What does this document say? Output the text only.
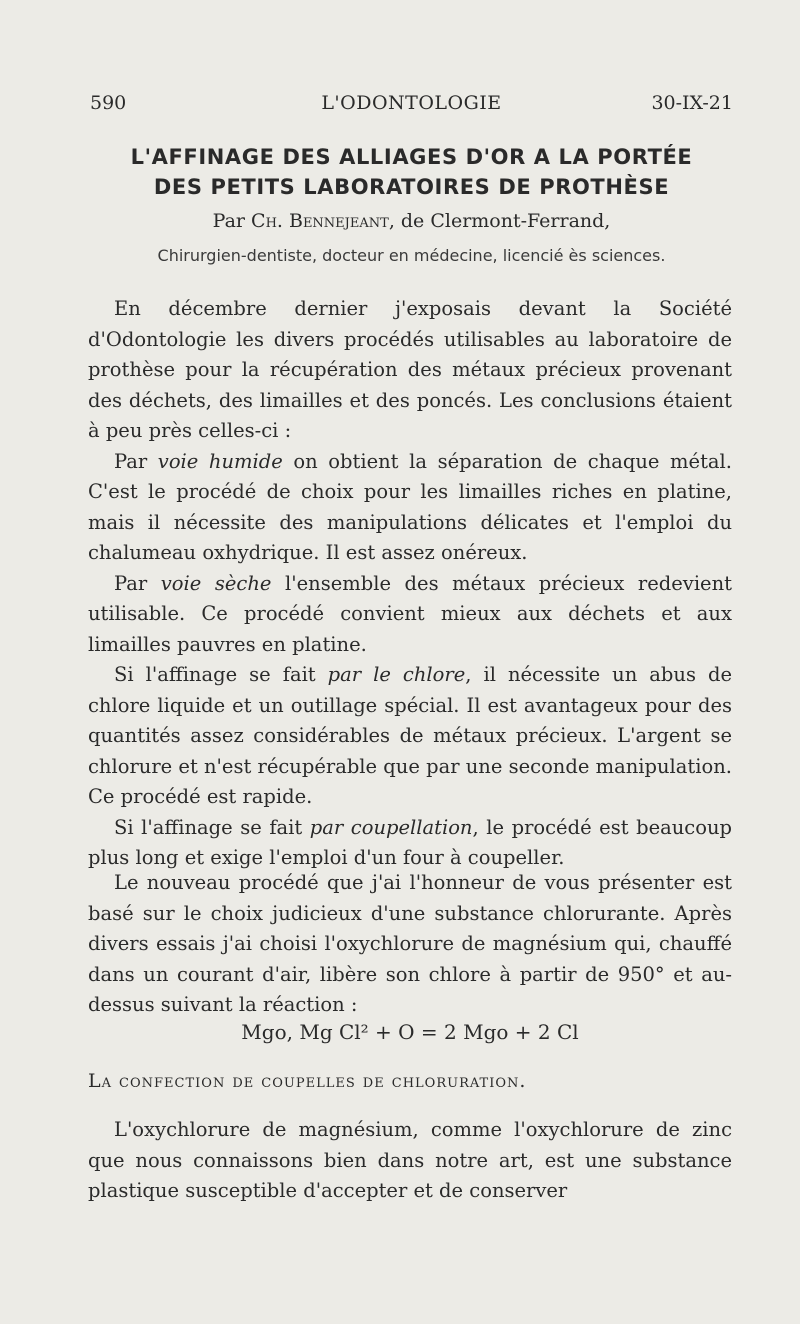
590	L'ODONTOLOGIE	30-IX-21
L'AFFINAGE DES ALLIAGES D'OR A LA PORTÉE
DES PETITS LABORATOIRES DE PROTHÈSE
Par Ch. Bennejeant, de Clermont-Ferrand,
Chirurgien-dentiste, docteur en médecine, licencié ès sciences.

En décembre dernier j'exposais devant la Société d'Odontologie les divers procédés utilisables au laboratoire de prothèse pour la récupération des métaux précieux provenant des déchets, des limailles et des poncés. Les conclusions étaient à peu près celles-ci :

Par voie humide on obtient la séparation de chaque métal. C'est le procédé de choix pour les limailles riches en platine, mais il nécessite des manipulations délicates et l'emploi du chalumeau oxhydrique. Il est assez onéreux.

Par voie sèche l'ensemble des métaux précieux redevient utilisable. Ce procédé convient mieux aux déchets et aux limailles pauvres en platine.

Si l'affinage se fait par le chlore, il nécessite un abus de chlore liquide et un outillage spécial. Il est avantageux pour des quantités assez considérables de métaux précieux. L'argent se chlorure et n'est récupérable que par une seconde manipulation. Ce procédé est rapide.

Si l'affinage se fait par coupellation, le procédé est beaucoup plus long et exige l'emploi d'un four à coupeller.

Le nouveau procédé que j'ai l'honneur de vous présenter est basé sur le choix judicieux d'une substance chlorurante. Après divers essais j'ai choisi l'oxychlorure de magnésium qui, chauffé dans un courant d'air, libère son chlore à partir de 950° et au-dessus suivant la réaction :

Mgo, Mg Cl² + O = 2 Mgo + 2 Cl
La confection de coupelles de chloruration.

L'oxychlorure de magnésium, comme l'oxychlorure de zinc que nous connaissons bien dans notre art, est une substance plastique susceptible d'accepter et de conserver
